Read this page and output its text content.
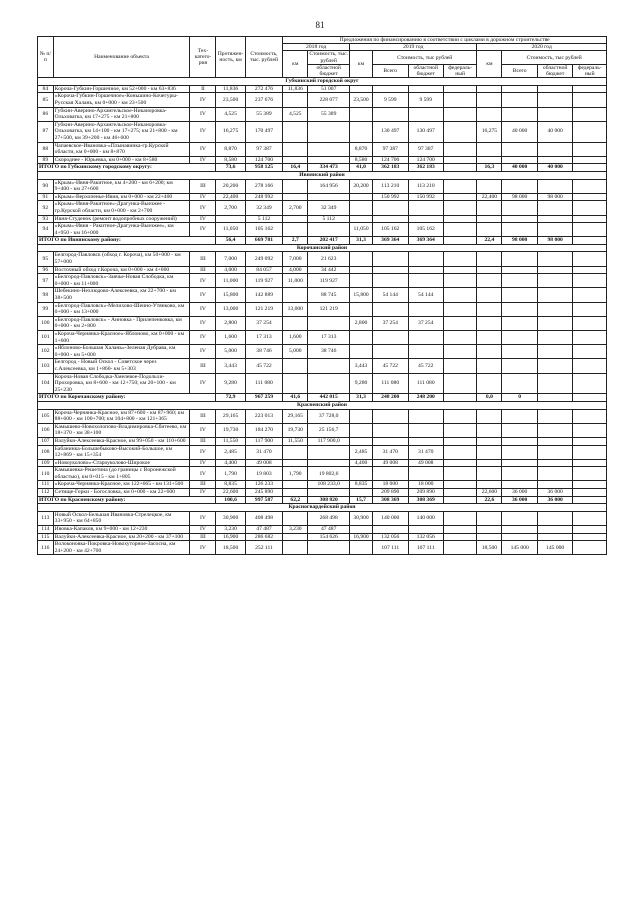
81
№ п/п	Наименование объекта	Тех-катего-рия	Протяжен-ность, км	Стоимость, тыс. рублей	Предложения по финансированию в соответствии с циклами в дорожном строительстве									
					2018 год		2019 год				2020 год			
					км	Стоимость, тыс. рублей	км	Стоимость, тыс рублей			км	Стоимость, тыс рублей		
						областной бюджет		Всего	областной бюджет	федераль-ный		Всего	областной бюджет	федераль-ный
Губкинский городской округ														
84	Короча-Губкин-Горшечное, км 52+000 - км 63+836	II	11,836	272 476	11,836	51 007								
85	«Короча-Губкин-Горшечное»-Коньшино-Кочегуры-Русская Халань, км 0+000 - км 23+500	IV	23,500	237 676		228 077	23,500	9 599	9 599					
86	Губкин-Аверино-Архангельское-Никаноровка-Ольховатка, км 17+275 - км 21+800	IV	4,525	55 389	4,525	55 389								
87	Губкин-Аверино-Архангельское-Никаноровка-Ольховатка, км 14+100 - км 17+275; км 21+800 - км 27+500, км 39+200 - км 46+600	IV	16,275	170 497				130 497	130 497		16,275	40 000	40 000	
88	Чапаевское-Ивановка-«Плынавинка-гр.Курской области, км 0+000 - км 8+870	IV	8,870	97 387			8,870	97 387	97 387					
89	Скороднее - Юрьевка, км 0+000 - км 8+580	IV	8,580	124 700			8,580	124 700	124 700					
ИТОГО по Губкинскому городскому округу:			73,6	958 125	16,4	334 473	41,0	362 183	362 183		16,3	40 000	40 000	
Ивнянский район														
90	«Крым»-Ивня-Ракитное, км 4+200 - км 6+200; км 9+400 - км 27+600	III	20,200	278 166		164 956	20,200	113 210	113 210					
91	«Крым»-Верхопенье-Ивня, км 0+000 - км 22+400	IV	22,400	248 992				150 992	150 992		22,400	98 000	98 000	
92	«Крым»-Ивня-Ракитное»-Драгунка-Выезжее - гр.Курской области, км 0+000 - км 2+700	IV	2,700	32 349	2,700	32 349								
93	Ивня-Студенок (ремонт водопробных сооружений)	IV		5 112		5 112								
94	«Крым»-Ивня - Ракитное-Драгунка-Выезжее», км 4+950 - км 16+000	IV	11,050	105 162			11,050	105 162	105 162					
ИТОГО по Ивнянскому району:			56,4	669 781	2,7	202 417	31,3	369 364	369 364		22,4	98 000	98 000	
Корочанский район														
95	Белгород-Павловск (обход г. Короча), км 50+000 - км 57+000	III	7,000	249 092	7,000	21 623								
96	Восточный обход г.Короча, км 0+000 - км 4+000	III	4,000	84 057	4,000	34 442								
97	«Белгород-Павловск»-Заячье-Новая Слободка, км 0+000 - км 11+000	IV	11,000	119 927	11,000	119 927								
98	Шебекино-Нехлюдово-Алексеевка, км 22+700 - км 38+500	IV	15,800	142 889		88 745	15,800	54 144	54 144					
99	«Белгород-Павловск»-Мелихово-Шеино-Утянково, км 0+000 - км 13+000	IV	13,000	121 219	13,000	121 219								
100	«Белгород-Павловск» - Анновка - Прилепенковка, км 0+000 - км 2+800	IV	2,800	37 254			2,800	37 254	37 254					
101	«Короча-Чернянка-Красное»-Яблоново, км 0+000 - км 1+600	IV	1,600	17 313	1,600	17 313								
102	«Яблоново-Большая Халань»-Зеленая Дубрава, км 0+000 - км 5+000	IV	5,000	38 746	5,000	38 746								
103	Белгород - Новый Оскол - Советское через с.Алексеевка, км 1+860- км 5+303	III	3,443	45 722			3,443	45 722	45 722					
104	Короча-Новая Слободка-Хмелевое-Подольхи-Прохоровка, км 8+600 - км 12+750; км 20+100 - км 25+230	IV	9,280	111 080			9,280	111 080	111 080					
ИТОГО по Корочанскому району:			72,9	967 259	41,6	442 015	31,3	248 200	248 200		0,0	0		
Красненский район														
105	Короча-Чернянка-Красное, км 87+600 - км 87+960; км 88+600 - км 100+700; км 104+800 - км 121+365	III	29,165	223 013	29,165	37 728,0								
106	Камышево-Новохолопово-Владимировка-Сбитеево, км 18+370 - км 38+100	IV	19,730	184 270	19,730	25 156,7								
107	Валуйки-Алексеевка-Красное, км 99+050 - км 110+600	III	11,550	117 900	11,550	117 900,0								
108	Бабанинка-Большебыково-Высокий-Большое, км 12+869 - км 15+354	IV	2,485	31 470			2,485	31 470	31 470					
109	«Новоуколово»-Староуколово-Широкое	IV	4,400	49 008			4,400	49 008	49 008					
110	Камышевка-Решетина (до границы с Воронежской областью), км 0+015 - км 1+805	IV	1,790	19 803	1,790	19 802,6								
111	«Короча-Чернянка-Красное, км 122+665 - км 131+500	III	8,835	126 233		108 233,0	8,835	18 000	18 000					
112	Сетище-Горки - Богословка, км 0+000 - км 22+600	IV	22,600	245 890				209 890	209 890		22,600	36 000	36 000	
ИТОГО по Красненскому району:			100,6	997 587	62,2	308 820	15,7	308 369	308 369		22,6	36 000	36 000	
Красногвардейский район														
113	Новый Оскол-Бельшая Ивановка-Стрелецкое, км 33+950 - км 64+850	IV	30,900	408 498		268 498	30,900	140 000	140 000					
114	Ивовка-Капаков, км 9+000 - км 12+230	IV	3,230	47 487	3,230	47 487								
115	Валуйки-Алексеевка-Красное, км 20+200 - км 37+100	III	16,900	286 682		154 626	16,900	132 056	132 056					
116	Волоконовка-Покровка-Новохуторное-Засосна, км 24+200 - км 42+700	IV	18,500	252 111				107 111	107 111		18,500	145 000	145 000	
